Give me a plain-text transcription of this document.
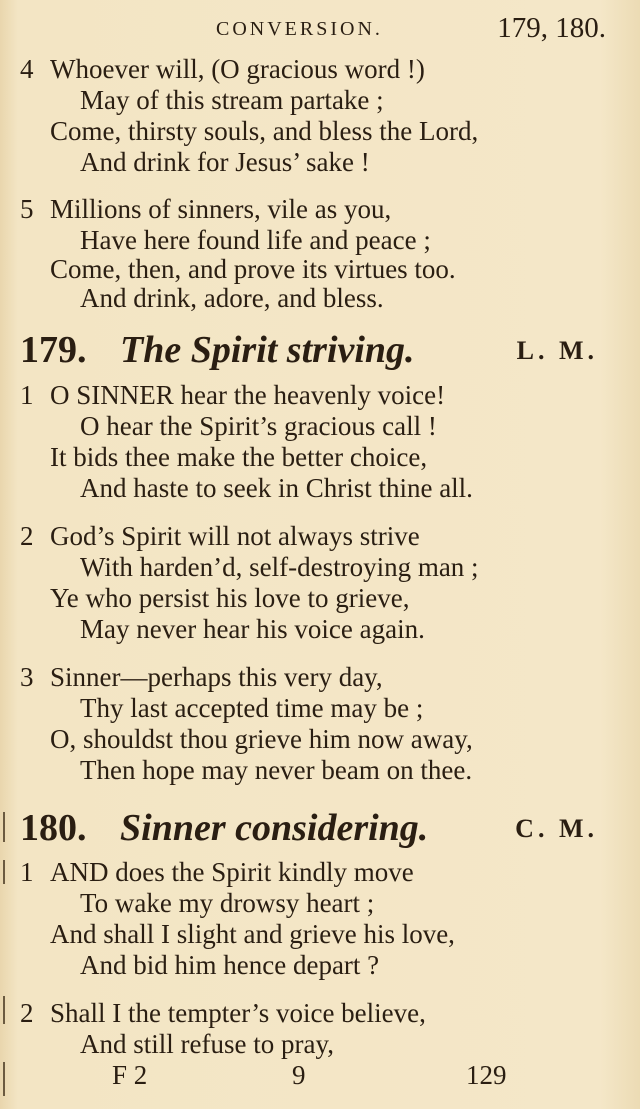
CONVERSION.	179, 180.
4 Whoever will, (O gracious word !)
May of this stream partake ;
Come, thirsty souls, and bless the Lord,
And drink for Jesus’ sake !
5 Millions of sinners, vile as you,
Have here found life and peace ;
Come, then, and prove its virtues too.
And drink, adore, and bless.
179. The Spirit striving.	L. M.
1 O SINNER hear the heavenly voice!
O hear the Spirit’s gracious call !
It bids thee make the better choice,
And haste to seek in Christ thine all.
2 God’s Spirit will not always strive
With harden’d, self-destroying man ;
Ye who persist his love to grieve,
May never hear his voice again.
3 Sinner—perhaps this very day,
Thy last accepted time may be ;
O, shouldst thou grieve him now away,
Then hope may never beam on thee.
180. Sinner considering.	C. M.
1 AND does the Spirit kindly move
To wake my drowsy heart ;
And shall I slight and grieve his love,
And bid him hence depart ?
2 Shall I the tempter’s voice believe,
And still refuse to pray,
F 2	9	129
